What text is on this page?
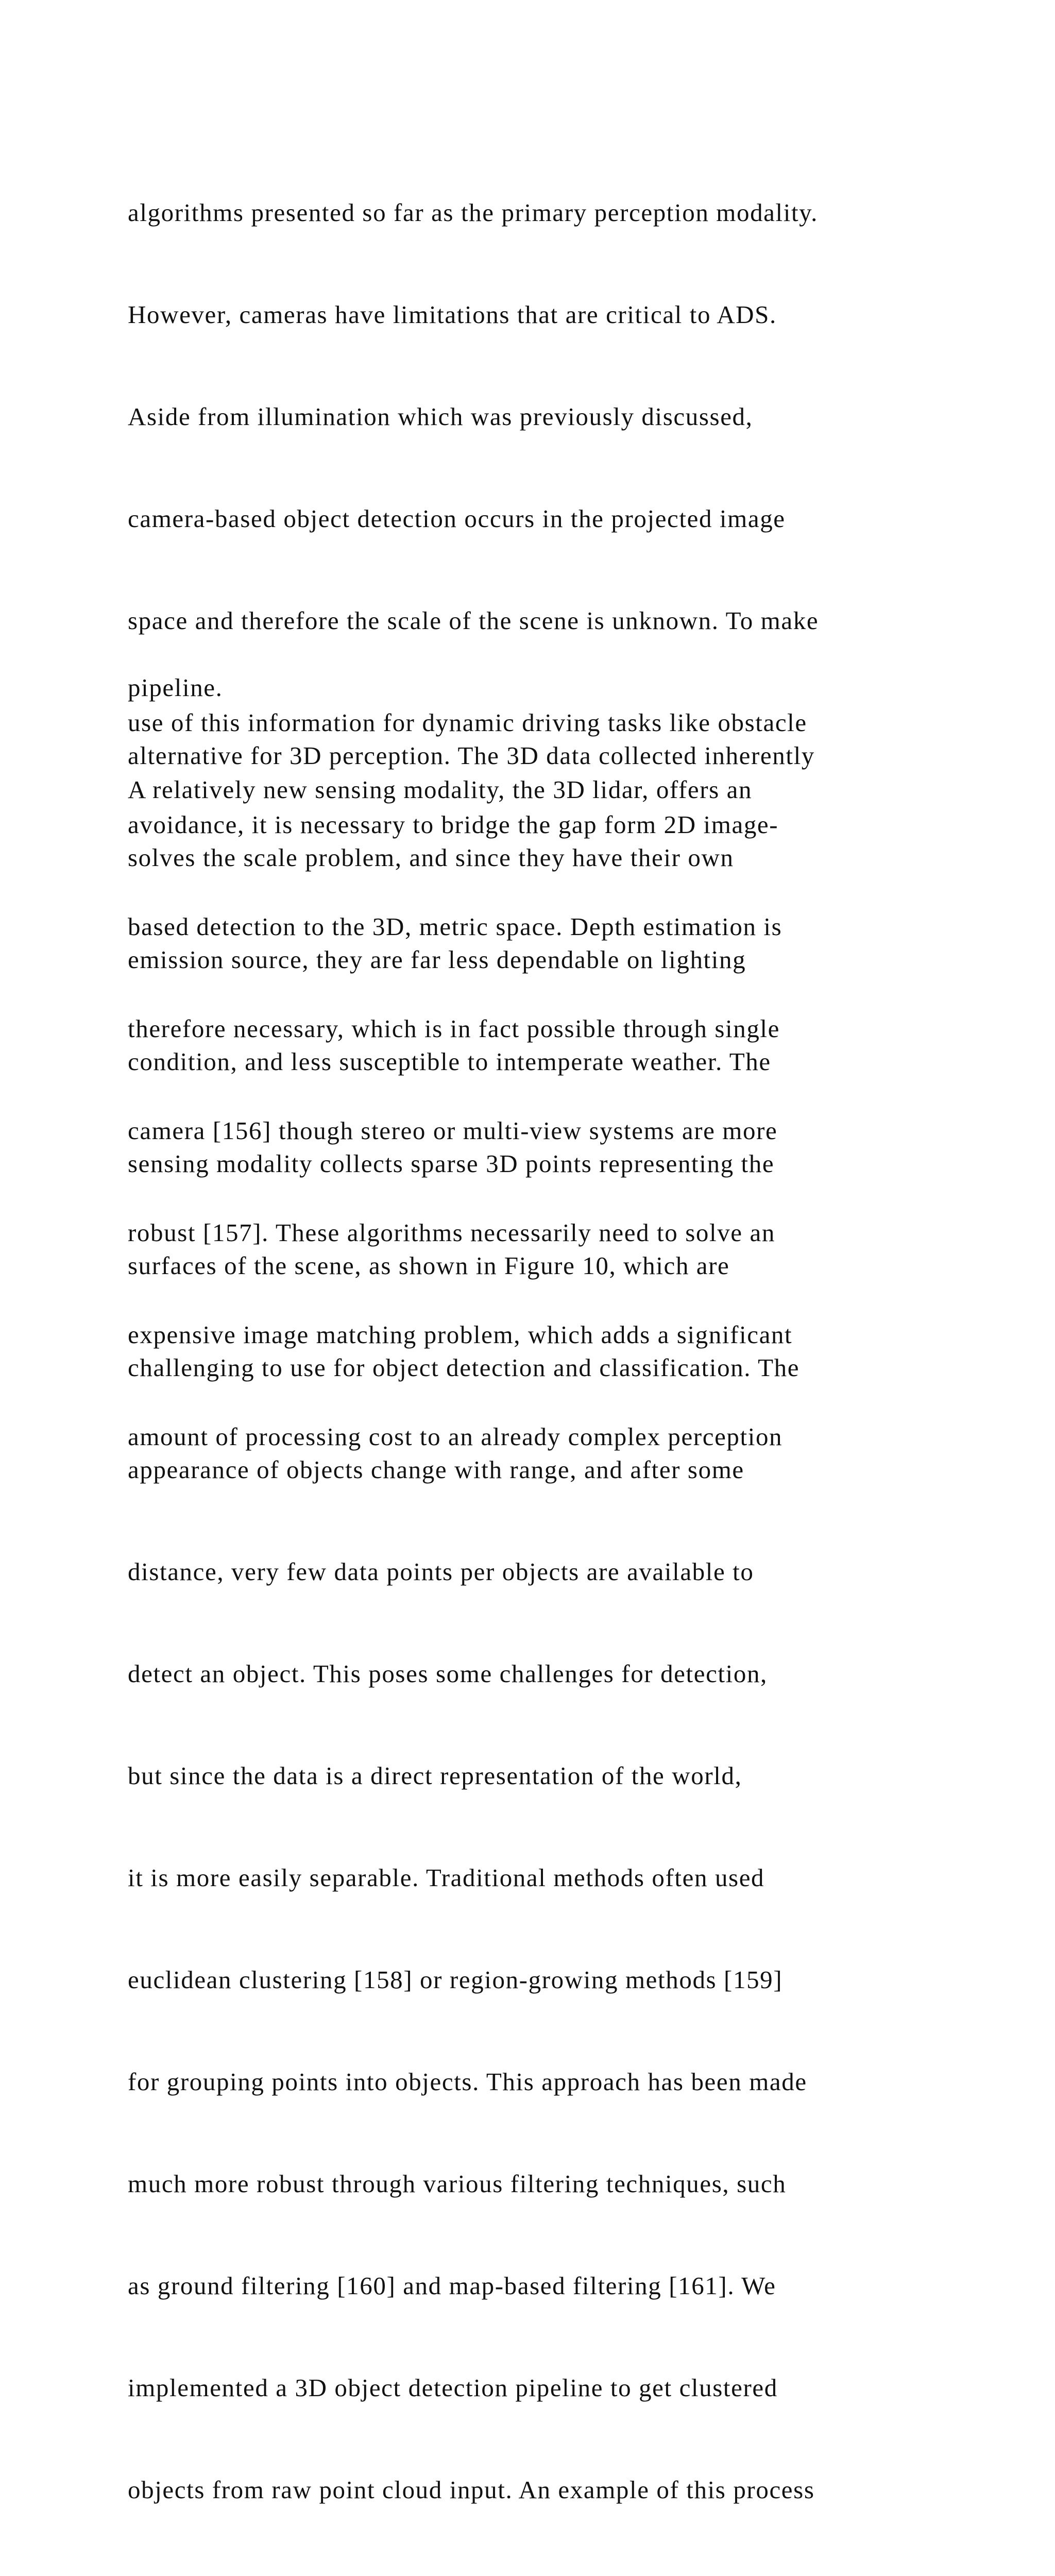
algorithms presented so far as the primary perception modality.

However, cameras have limitations that are critical to ADS.

Aside from illumination which was previously discussed,

camera-based object detection occurs in the projected image

space and therefore the scale of the scene is unknown. To make

use of this information for dynamic driving tasks like obstacle

avoidance, it is necessary to bridge the gap form 2D image-

based detection to the 3D, metric space. Depth estimation is

therefore necessary, which is in fact possible through single

camera [156] though stereo or multi-view systems are more

robust [157]. These algorithms necessarily need to solve an

expensive image matching problem, which adds a significant

amount of processing cost to an already complex perception

pipeline.

A relatively new sensing modality, the 3D lidar, offers an

alternative for 3D perception. The 3D data collected inherently

solves the scale problem, and since they have their own

emission source, they are far less dependable on lighting

condition, and less susceptible to intemperate weather. The

sensing modality collects sparse 3D points representing the

surfaces of the scene, as shown in Figure 10, which are

challenging to use for object detection and classification. The

appearance of objects change with range, and after some

distance, very few data points per objects are available to

detect an object. This poses some challenges for detection,

but since the data is a direct representation of the world,

it is more easily separable. Traditional methods often used

euclidean clustering [158] or region-growing methods [159]

for grouping points into objects. This approach has been made

much more robust through various filtering techniques, such

as ground filtering [160] and map-based filtering [161]. We

implemented a 3D object detection pipeline to get clustered

objects from raw point cloud input. An example of this process
